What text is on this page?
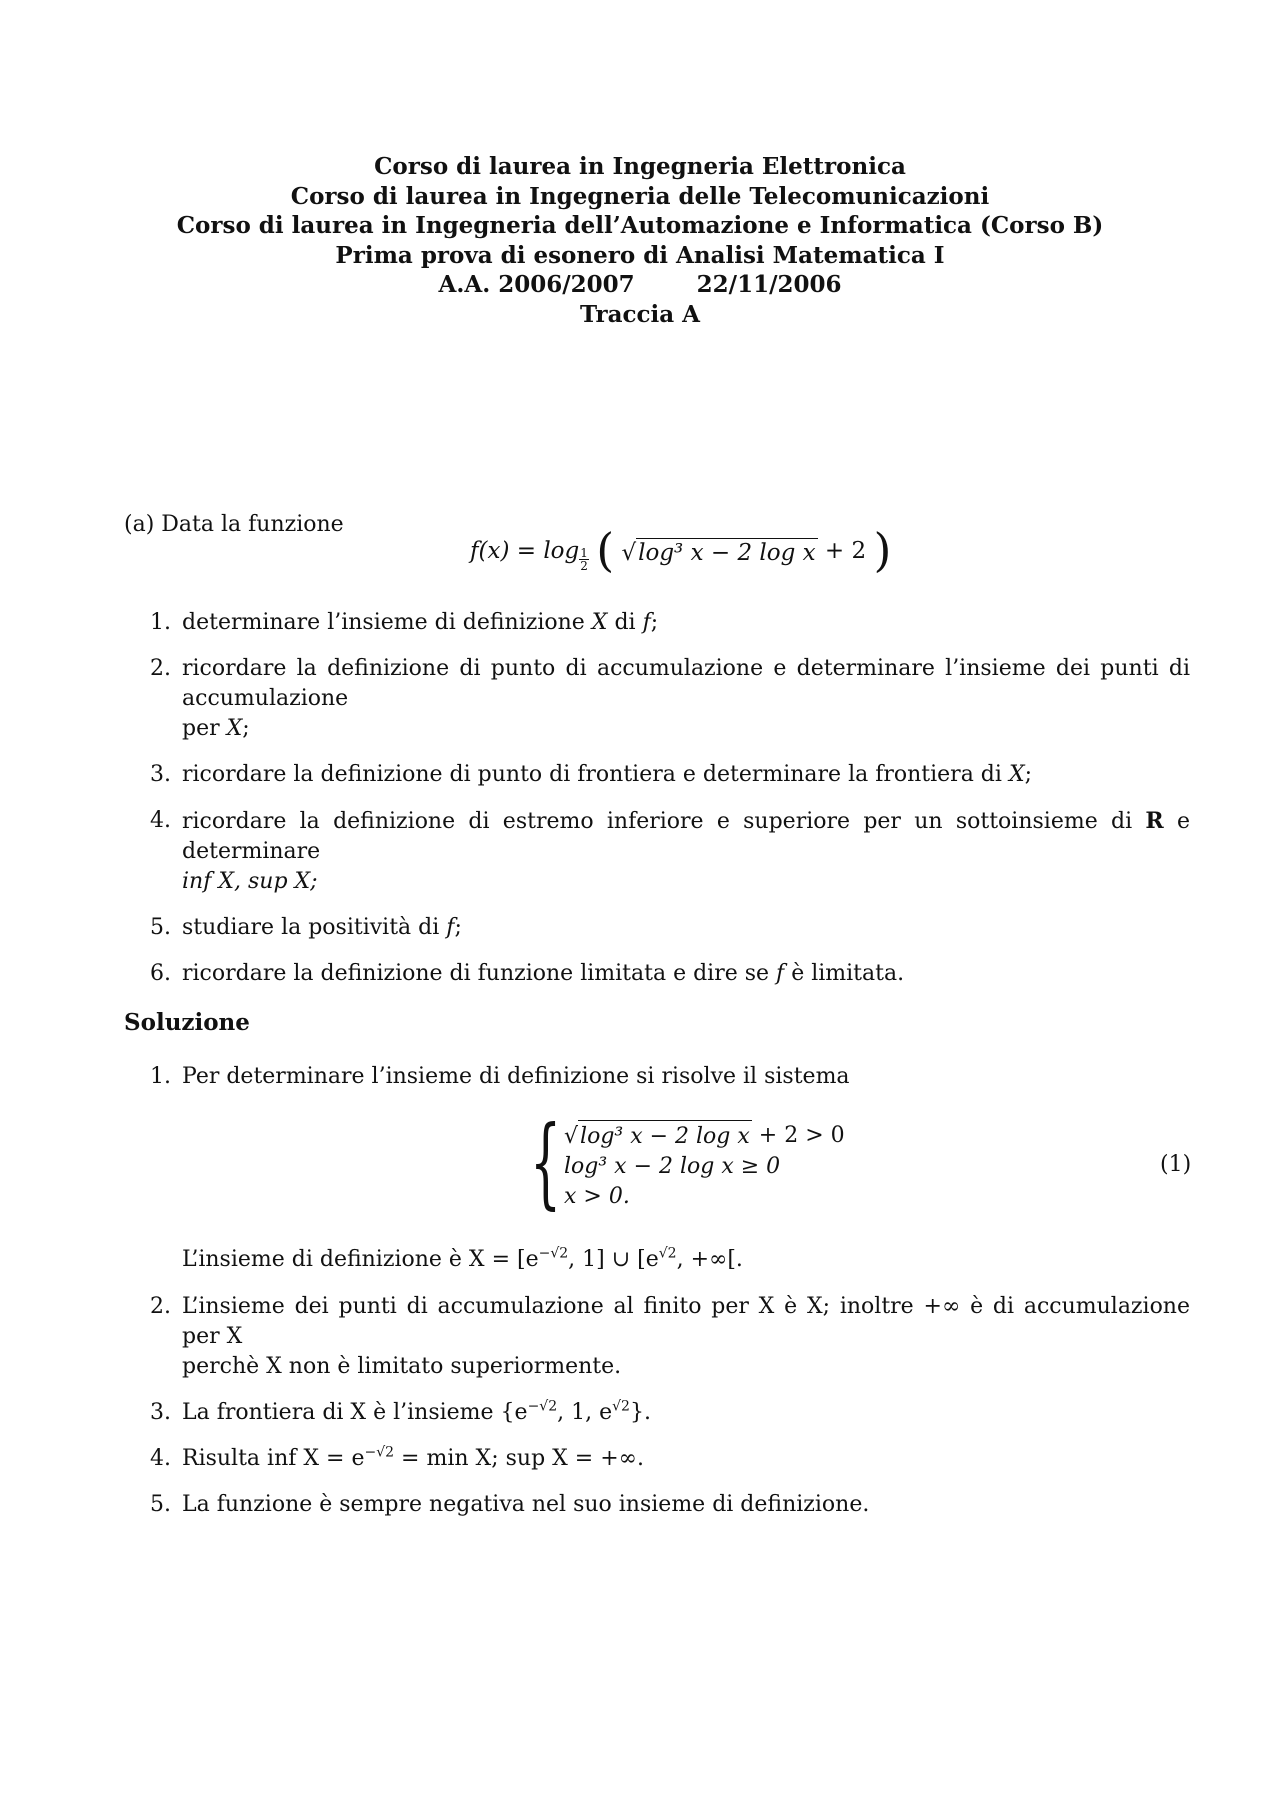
Corso di laurea in Ingegneria Elettronica
Corso di laurea in Ingegneria delle Telecomunicazioni
Corso di laurea in Ingegneria dell’Automazione e Informatica (Corso B)
Prima prova di esonero di Analisi Matematica I
A.A. 2006/2007	22/11/2006
Traccia A
(a) Data la funzione
$f(x) = \log \frac{1}{2}$ ( √log³ x − 2 log x + 2 )
1. determinare l’insieme di definizione X di f;
2. ricordare la definizione di punto di accumulazione e determinare l’insieme dei punti di accumulazione
per X;
3. ricordare la definizione di punto di frontiera e determinare la frontiera di X;
4. ricordare la definizione di estremo inferiore e superiore per un sottoinsieme di R e determinare
inf X, sup X;
5. studiare la positività di f;
6. ricordare la definizione di funzione limitata e dire se f è limitata.
Soluzione
1. Per determinare l’insieme di definizione si risolve il sistema
{ √log³ x − 2 log x + 2 > 0
log³ x − 2 log x ≥ 0
x > 0.
(1)
L’insieme di definizione è $X = [e^{-√2}$, 1] ∪ [$e^{√2}$, +∞[.
2. L’insieme dei punti di accumulazione al finito per X è X; inoltre +∞ è di accumulazione per X
perchè X non è limitato superiormente.
3. La frontiera di X è l’insieme {$e^{-√2}$, 1, $e^{√2}$}.
4. Risulta inf $X = e^{-√2} = \min X$; sup X = +∞.
5. La funzione è sempre negativa nel suo insieme di definizione.
